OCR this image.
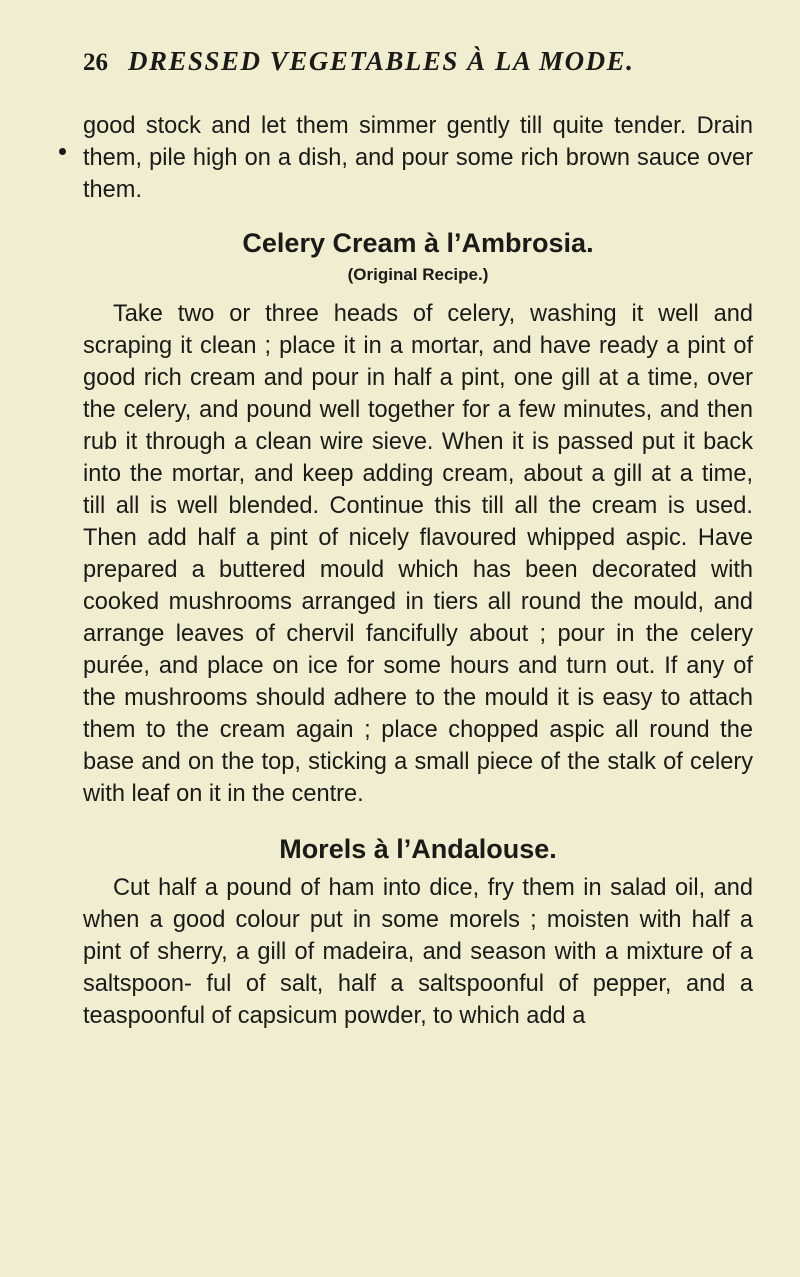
26 DRESSED VEGETABLES À LA MODE.

good stock and let them simmer gently till quite tender. Drain them, pile high on a dish, and pour some rich brown sauce over them.

Celery Cream à l’Ambrosia.
(Original Recipe.)

Take two or three heads of celery, washing it well and scraping it clean ; place it in a mortar, and have ready a pint of good rich cream and pour in half a pint, one gill at a time, over the celery, and pound well together for a few minutes, and then rub it through a clean wire sieve. When it is passed put it back into the mortar, and keep adding cream, about a gill at a time, till all is well blended. Continue this till all the cream is used. Then add half a pint of nicely flavoured whipped aspic. Have prepared a buttered mould which has been decorated with cooked mushrooms arranged in tiers all round the mould, and arrange leaves of chervil fancifully about ; pour in the celery purée, and place on ice for some hours and turn out. If any of the mushrooms should adhere to the mould it is easy to attach them to the cream again ; place chopped aspic all round the base and on the top, sticking a small piece of the stalk of celery with leaf on it in the centre.

Morels à l’Andalouse.

Cut half a pound of ham into dice, fry them in salad oil, and when a good colour put in some morels ; moisten with half a pint of sherry, a gill of madeira, and season with a mixture of a saltspoon- ful of salt, half a saltspoonful of pepper, and a teaspoonful of capsicum powder, to which add a
